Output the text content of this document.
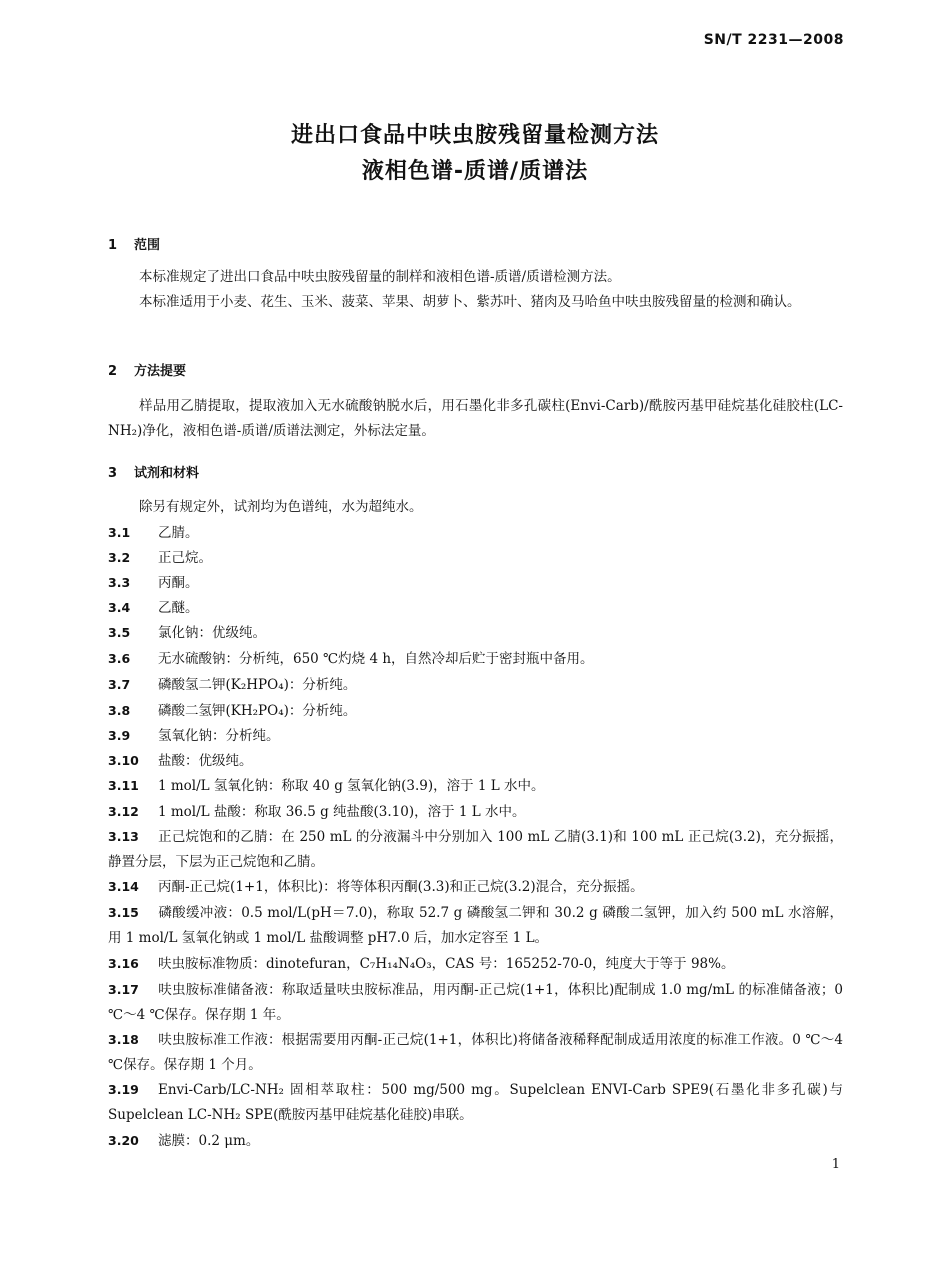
SN/T 2231—2008
进出口食品中呋虫胺残留量检测方法
液相色谱-质谱/质谱法
1 范围

本标准规定了进出口食品中呋虫胺残留量的制样和液相色谱-质谱/质谱检测方法。

本标准适用于小麦、花生、玉米、菠菜、苹果、胡萝卜、紫苏叶、猪肉及马哈鱼中呋虫胺残留量的检测和确认。

2 方法提要

样品用乙腈提取，提取液加入无水硫酸钠脱水后，用石墨化非多孔碳柱(Envi-Carb)/酰胺丙基甲硅烷基化硅胶柱(LC-NH₂)净化，液相色谱-质谱/质谱法测定，外标法定量。

3 试剂和材料

除另有规定外，试剂均为色谱纯，水为超纯水。

3.1 乙腈。

3.2 正己烷。

3.3 丙酮。

3.4 乙醚。

3.5 氯化钠：优级纯。

3.6 无水硫酸钠：分析纯，650 ℃灼烧 4 h，自然冷却后贮于密封瓶中备用。

3.7 磷酸氢二钾(K₂HPO₄)：分析纯。

3.8 磷酸二氢钾(KH₂PO₄)：分析纯。

3.9 氢氧化钠：分析纯。

3.10 盐酸：优级纯。

3.11 1 mol/L 氢氧化钠：称取 40 g 氢氧化钠(3.9)，溶于 1 L 水中。

3.12 1 mol/L 盐酸：称取 36.5 g 纯盐酸(3.10)，溶于 1 L 水中。

3.13 正己烷饱和的乙腈：在 250 mL 的分液漏斗中分别加入 100 mL 乙腈(3.1)和 100 mL 正己烷(3.2)，充分振摇，静置分层，下层为正己烷饱和乙腈。

3.14 丙酮-正己烷(1+1，体积比)：将等体积丙酮(3.3)和正己烷(3.2)混合，充分振摇。

3.15 磷酸缓冲液：0.5 mol/L(pH＝7.0)，称取 52.7 g 磷酸氢二钾和 30.2 g 磷酸二氢钾，加入约 500 mL 水溶解，用 1 mol/L 氢氧化钠或 1 mol/L 盐酸调整 pH7.0 后，加水定容至 1 L。

3.16 呋虫胺标准物质：dinotefuran，C₇H₁₄N₄O₃，CAS 号：165252-70-0，纯度大于等于 98%。

3.17 呋虫胺标准储备液：称取适量呋虫胺标准品，用丙酮-正己烷(1+1，体积比)配制成 1.0 mg/mL 的标准储备液；0 ℃～4 ℃保存。保存期 1 年。

3.18 呋虫胺标准工作液：根据需要用丙酮-正己烷(1+1，体积比)将储备液稀释配制成适用浓度的标准工作液。0 ℃～4 ℃保存。保存期 1 个月。

3.19 Envi-Carb/LC-NH₂ 固相萃取柱：500 mg/500 mg。Supelclean ENVI-Carb SPE9(石墨化非多孔碳)与 Supelclean LC-NH₂ SPE(酰胺丙基甲硅烷基化硅胶)串联。

3.20 滤膜：0.2 μm。

1
